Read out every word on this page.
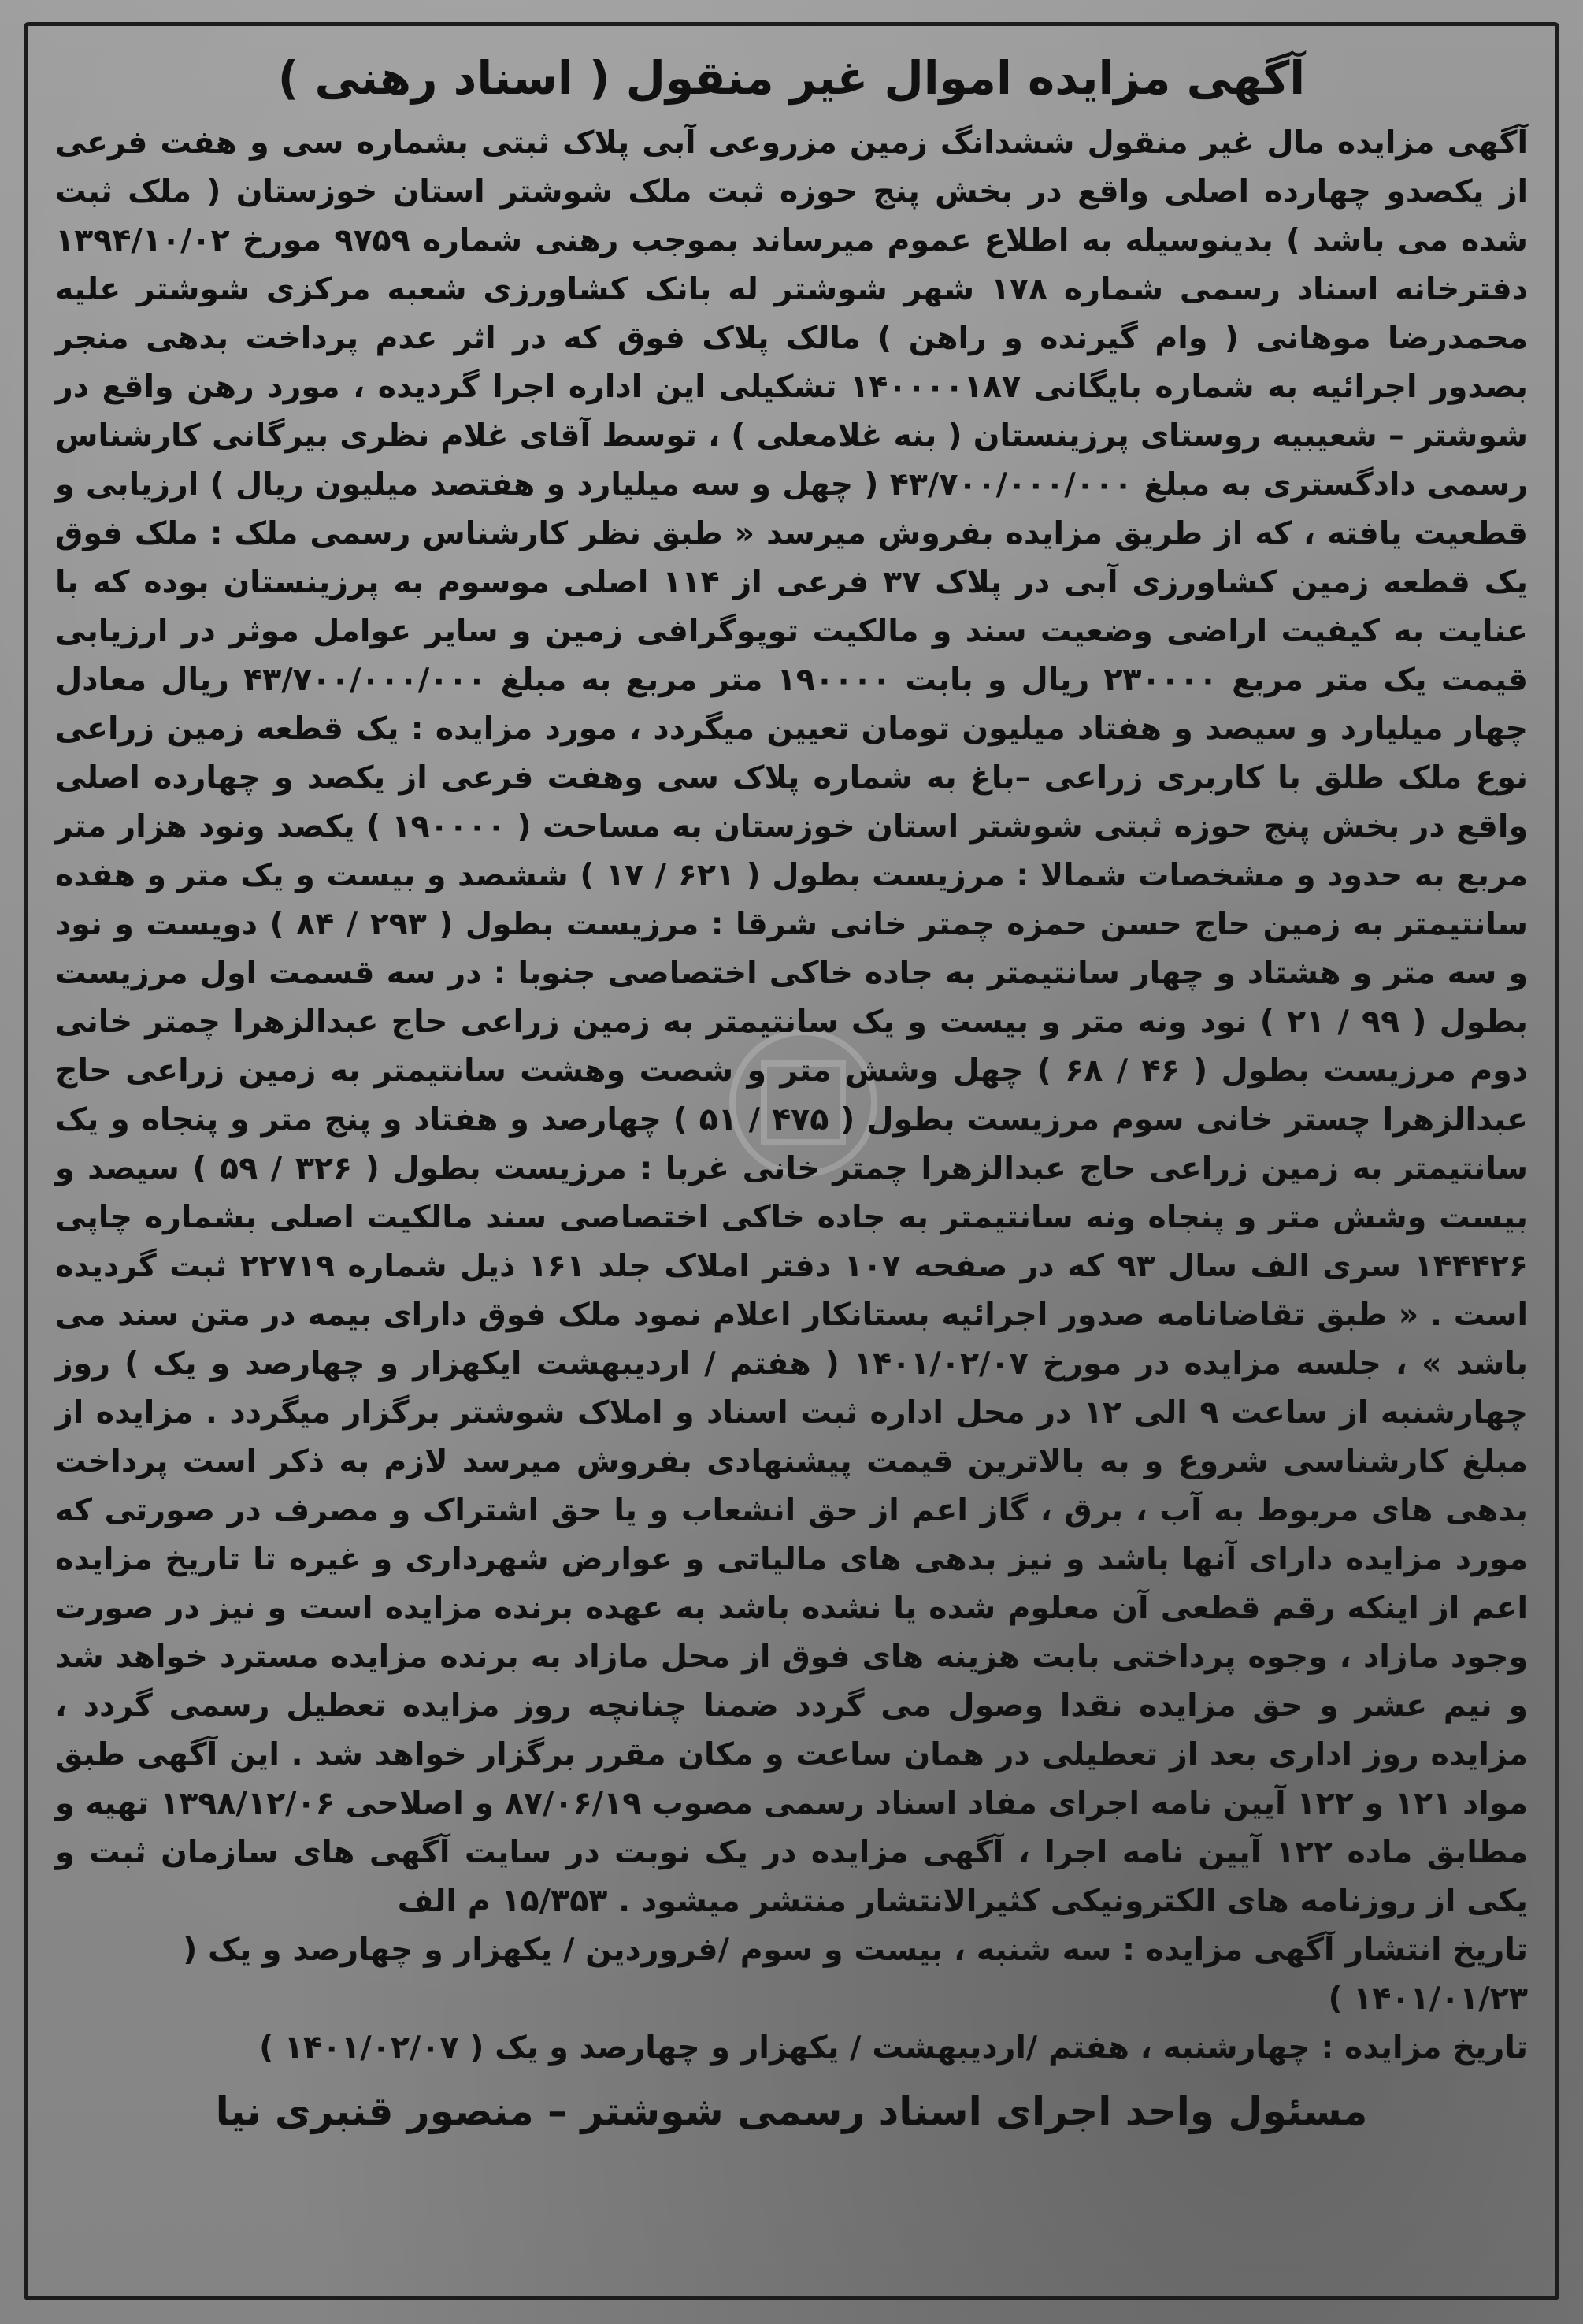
آگهی مزایده اموال غیر منقول ( اسناد رهنی )

آگهی مزایده مال غیر منقول ششدانگ زمین مزروعی آبی پلاک ثبتی بشماره سی و هفت فرعی از یکصدو چهارده اصلی واقع در بخش پنج حوزه ثبت ملک شوشتر استان خوزستان ( ملک ثبت شده می باشد ) بدینوسیله به اطلاع عموم میرساند بموجب رهنی شماره ۹۷۵۹ مورخ ۱۳۹۴/۱۰/۰۲ دفترخانه اسناد رسمی شماره ۱۷۸ شهر شوشتر له بانک کشاورزی شعبه مرکزی شوشتر علیه محمدرضا موهانی ( وام گیرنده و راهن ) مالک پلاک فوق که در اثر عدم پرداخت بدهی منجر بصدور اجرائیه به شماره بایگانی ۱۴۰۰۰۰۱۸۷ تشکیلی این اداره اجرا گردیده ، مورد رهن واقع در شوشتر – شعیبیه روستای پرزینستان ( بنه غلامعلی ) ، توسط آقای غلام نظری بیرگانی کارشناس رسمی دادگستری به مبلغ ۴۳/۷۰۰/۰۰۰/۰۰۰ ( چهل و سه میلیارد و هفتصد میلیون ریال ) ارزیابی و قطعیت یافته ، که از طریق مزایده بفروش میرسد « طبق نظر کارشناس رسمی ملک : ملک فوق یک قطعه زمین کشاورزی آبی در پلاک ۳۷ فرعی از ۱۱۴ اصلی موسوم به پرزینستان بوده که با عنایت به کیفیت اراضی وضعیت سند و مالکیت توپوگرافی زمین و سایر عوامل موثر در ارزیابی قیمت یک متر مربع ۲۳۰۰۰۰ ریال و بابت ۱۹۰۰۰۰ متر مربع به مبلغ ۴۳/۷۰۰/۰۰۰/۰۰۰ ریال معادل چهار میلیارد و سیصد و هفتاد میلیون تومان تعیین میگردد ، مورد مزایده : یک قطعه زمین زراعی نوع ملک طلق با کاربری زراعی –باغ به شماره پلاک سی وهفت فرعی از یکصد و چهارده اصلی واقع در بخش پنج حوزه ثبتی شوشتر استان خوزستان به مساحت ( ۱۹۰۰۰۰ ) یکصد ونود هزار متر مربع به حدود و مشخصات شمالا : مرزیست بطول ( ۶۲۱ / ۱۷ ) ششصد و بیست و یک متر و هفده سانتیمتر به زمین حاج حسن حمزه چمتر خانی شرقا : مرزیست بطول ( ۲۹۳ / ۸۴ ) دویست و نود و سه متر و هشتاد و چهار سانتیمتر به جاده خاکی اختصاصی جنوبا : در سه قسمت اول مرزیست بطول ( ۹۹ / ۲۱ ) نود ونه متر و بیست و یک سانتیمتر به زمین زراعی حاج عبدالزهرا چمتر خانی دوم مرزیست بطول ( ۴۶ / ۶۸ ) چهل وشش متر و شصت وهشت سانتیمتر به زمین زراعی حاج عبدالزهرا چستر خانی سوم مرزیست بطول ( ۴۷۵ / ۵۱ ) چهارصد و هفتاد و پنج متر و پنجاه و یک سانتیمتر به زمین زراعی حاج عبدالزهرا چمتر خانی غربا : مرزیست بطول ( ۳۲۶ / ۵۹ ) سیصد و بیست وشش متر و پنجاه ونه سانتیمتر به جاده خاکی اختصاصی سند مالکیت اصلی بشماره چاپی ۱۴۴۴۲۶ سری الف سال ۹۳ که در صفحه ۱۰۷ دفتر املاک جلد ۱۶۱ ذیل شماره ۲۲۷۱۹ ثبت گردیده است . « طبق تقاضانامه صدور اجرائیه بستانکار اعلام نمود ملک فوق دارای بیمه در متن سند می باشد » ، جلسه مزایده در مورخ ۱۴۰۱/۰۲/۰۷ ( هفتم / اردیبهشت ایکهزار و چهارصد و یک ) روز چهارشنبه از ساعت ۹ الی ۱۲ در محل اداره ثبت اسناد و املاک شوشتر برگزار میگردد . مزایده از مبلغ کارشناسی شروع و به بالاترین قیمت پیشنهادی بفروش میرسد لازم به ذکر است پرداخت بدهی های مربوط به آب ، برق ، گاز اعم از حق انشعاب و یا حق اشتراک و مصرف در صورتی که مورد مزایده دارای آنها باشد و نیز بدهی های مالیاتی و عوارض شهرداری و غیره تا تاریخ مزایده اعم از اینکه رقم قطعی آن معلوم شده یا نشده باشد به عهده برنده مزایده است و نیز در صورت وجود مازاد ، وجوه پرداختی بابت هزینه های فوق از محل مازاد به برنده مزایده مسترد خواهد شد و نیم عشر و حق مزایده نقدا وصول می گردد ضمنا چنانچه روز مزایده تعطیل رسمی گردد ، مزایده روز اداری بعد از تعطیلی در همان ساعت و مکان مقرر برگزار خواهد شد . این آگهی طبق مواد ۱۲۱ و ۱۲۲ آیین نامه اجرای مفاد اسناد رسمی مصوب ۸۷/۰۶/۱۹ و اصلاحی ۱۳۹۸/۱۲/۰۶ تهیه و مطابق ماده ۱۲۲ آیین نامه اجرا ، آگهی مزایده در یک نوبت در سایت آگهی های سازمان ثبت و یکی از روزنامه های الکترونیکی کثیرالانتشار منتشر میشود . ۱۵/۳۵۳ م الف

تاریخ انتشار آگهی مزایده : سه شنبه ، بیست و سوم /فروردین / یکهزار و چهارصد و یک ( ۱۴۰۱/۰۱/۲۳ )

تاریخ مزایده : چهارشنبه ، هفتم /اردیبهشت / یکهزار و چهارصد و یک ( ۱۴۰۱/۰۲/۰۷ )

مسئول واحد اجرای اسناد رسمی شوشتر – منصور قنبری نیا
